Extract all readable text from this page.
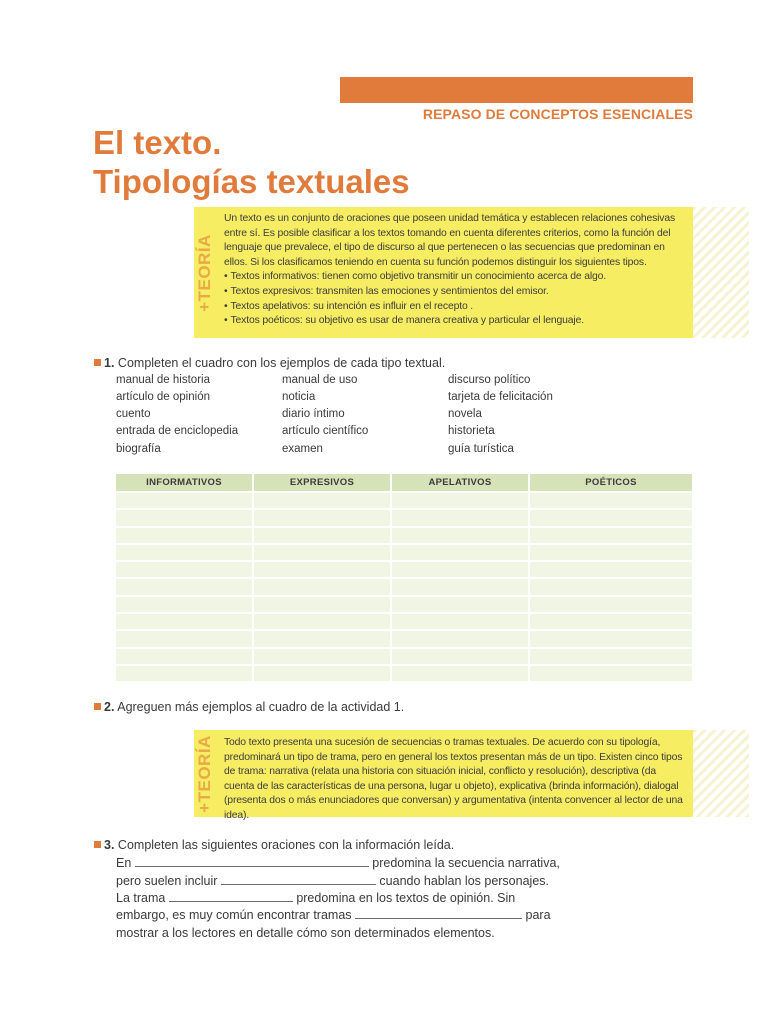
REPASO DE CONCEPTOS ESENCIALES
El texto.
Tipologías textuales
+TEORÍA

Un texto es un conjunto de oraciones que poseen unidad temática y establecen relaciones cohesivas entre sí. Es posible clasificar a los textos tomando en cuenta diferentes criterios, como la función del lenguaje que prevalece, el tipo de discurso al que pertenecen o las secuencias que predominan en ellos. Si los clasificamos teniendo en cuenta su función podemos distinguir los siguientes tipos.

• Textos informativos: tienen como objetivo transmitir un conocimiento acerca de algo.
• Textos expresivos: transmiten las emociones y sentimientos del emisor.
• Textos apelativos: su intención es influir en el recepto .
• Textos poéticos: su objetivo es usar de manera creativa y particular el lenguaje.
1. Completen el cuadro con los ejemplos de cada tipo textual.
manual de historia	manual de uso	discurso político
artículo de opinión	noticia	tarjeta de felicitación
cuento	diario íntimo	novela
entrada de enciclopedia	artículo científico	historieta
biografía	examen	guía turística
INFORMATIVOS	EXPRESIVOS	APELATIVOS	POÉTICOS

2. Agreguen más ejemplos al cuadro de la actividad 1.
+TEORÍA Todo texto presenta una sucesión de secuencias o tramas textuales. De acuerdo con su tipología, predominará un tipo de trama, pero en general los textos presentan más de un tipo. Existen cinco tipos de trama: narrativa (relata una historia con situación inicial, conflicto y resolución), descriptiva (da cuenta de las características de una persona, lugar u objeto), explicativa (brinda información), dialogal (presenta dos o más enunciadores que conversan) y argumentativa (intenta convencer al lector de una idea).

3. Completen las siguientes oraciones con la información leída.
En	predomina la secuencia narrativa,
pero suelen incluir	cuando hablan los personajes.
La trama	predomina en los textos de opinión. Sin
embargo, es muy común encontrar tramas	para
mostrar a los lectores en detalle cómo son determinados elementos.
